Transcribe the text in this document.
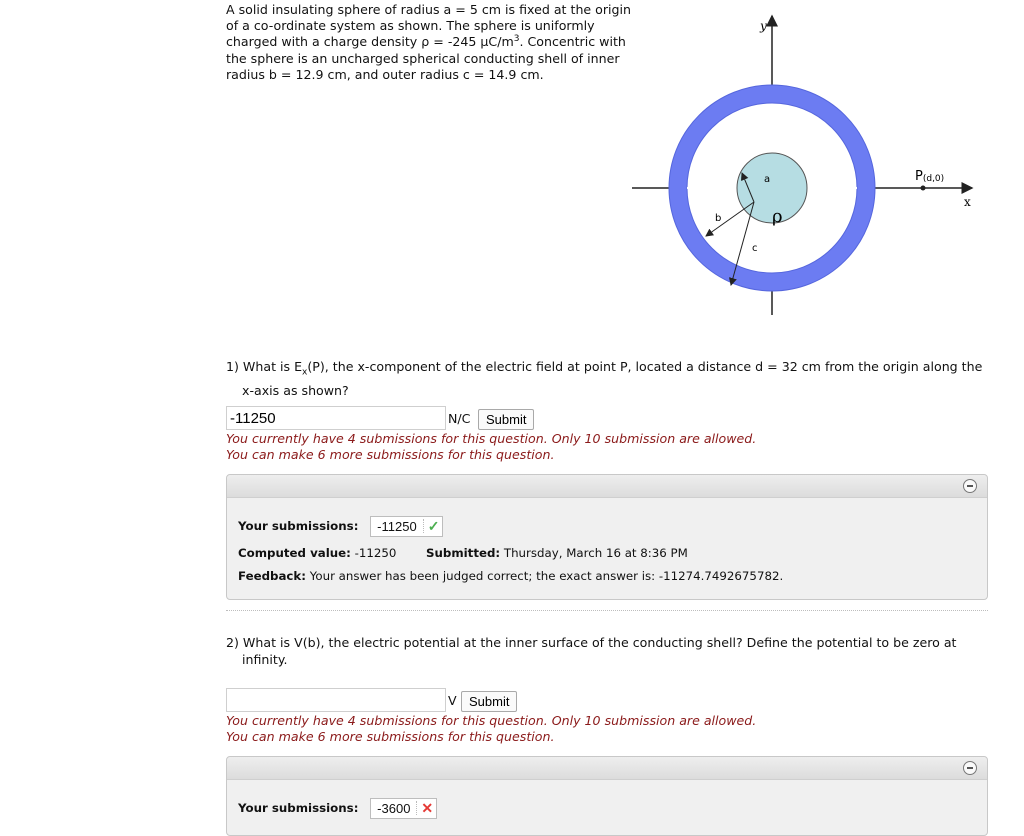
A solid insulating sphere of radius a = 5 cm is fixed at the origin
of a co-ordinate system as shown. The sphere is uniformly
charged with a charge density ρ = -245 $\mu C/m^3$. Concentric with
the sphere is an uncharged spherical conducting shell of inner
radius b = 12.9 cm, and outer radius c = 14.9 cm.
y
x
a
b
c
ρ
P(d,0)
1) What is $E_x(P)$, the x-component of the electric field at point P, located a distance d = 32 cm from the origin along the
x-axis as shown?
-11250
N/C	Submit
You currently have 4 submissions for this question. Only 10 submission are allowed.
You can make 6 more submissions for this question.
Your submissions: -11250 ✓
Computed value: -11250	Submitted: Thursday, March 16 at 8:36 PM
Feedback: Your answer has been judged correct; the exact answer is: -11274.7492675782.
2) What is V(b), the electric potential at the inner surface of the conducting shell? Define the potential to be zero at
infinity.
V Submit
You currently have 4 submissions for this question. Only 10 submission are allowed.
You can make 6 more submissions for this question.
Your submissions: -3600 ✕
